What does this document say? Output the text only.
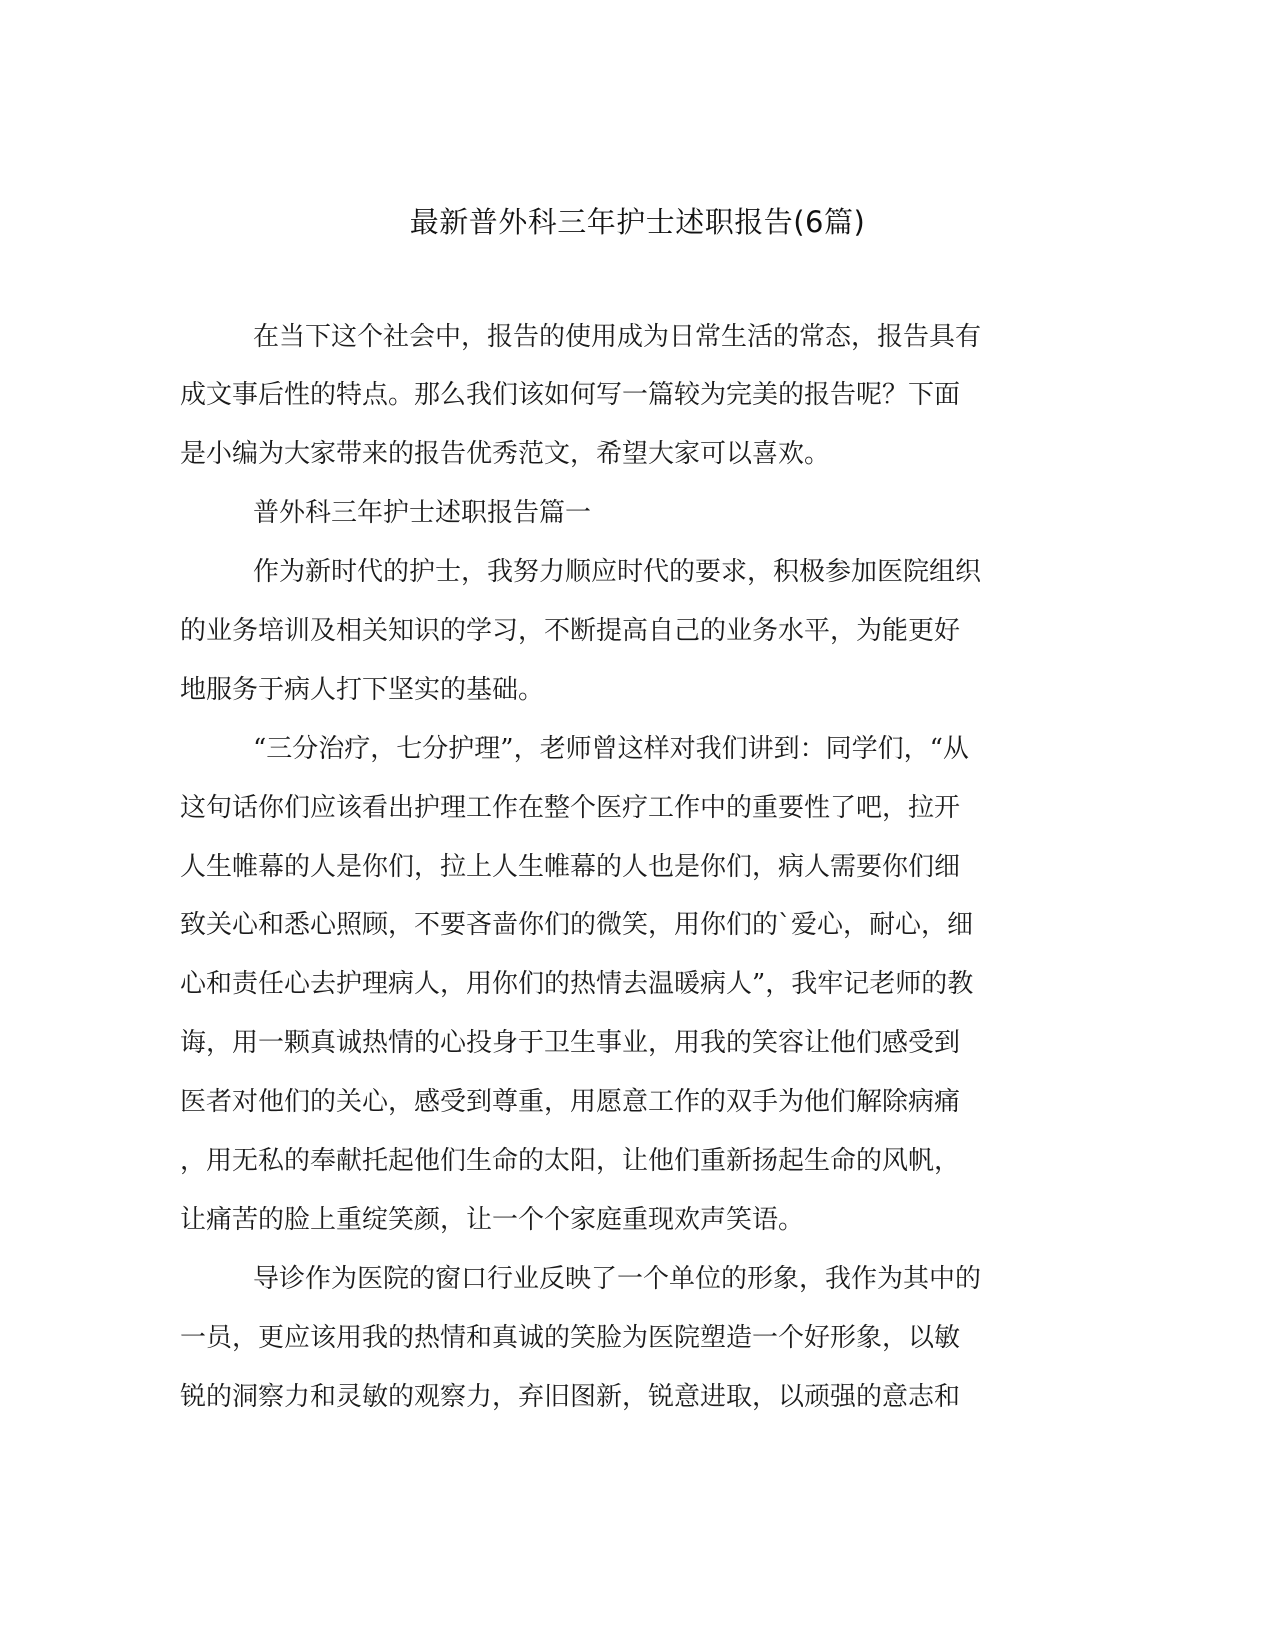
最新普外科三年护士述职报告(6篇)
在当下这个社会中，报告的使用成为日常生活的常态，报告具有
成文事后性的特点。那么我们该如何写一篇较为完美的报告呢？下面
是小编为大家带来的报告优秀范文，希望大家可以喜欢。
普外科三年护士述职报告篇一
作为新时代的护士，我努力顺应时代的要求，积极参加医院组织
的业务培训及相关知识的学习，不断提高自己的业务水平，为能更好
地服务于病人打下坚实的基础。
“三分治疗，七分护理”，老师曾这样对我们讲到：同学们，“从
这句话你们应该看出护理工作在整个医疗工作中的重要性了吧，拉开
人生帷幕的人是你们，拉上人生帷幕的人也是你们，病人需要你们细
致关心和悉心照顾，不要吝啬你们的微笑，用你们的`爱心，耐心，细
心和责任心去护理病人，用你们的热情去温暖病人”，我牢记老师的教
诲，用一颗真诚热情的心投身于卫生事业，用我的笑容让他们感受到
医者对他们的关心，感受到尊重，用愿意工作的双手为他们解除病痛
，用无私的奉献托起他们生命的太阳，让他们重新扬起生命的风帆，
让痛苦的脸上重绽笑颜，让一个个家庭重现欢声笑语。
导诊作为医院的窗口行业反映了一个单位的形象，我作为其中的
一员，更应该用我的热情和真诚的笑脸为医院塑造一个好形象，以敏
锐的洞察力和灵敏的观察力，弃旧图新，锐意进取，以顽强的意志和
